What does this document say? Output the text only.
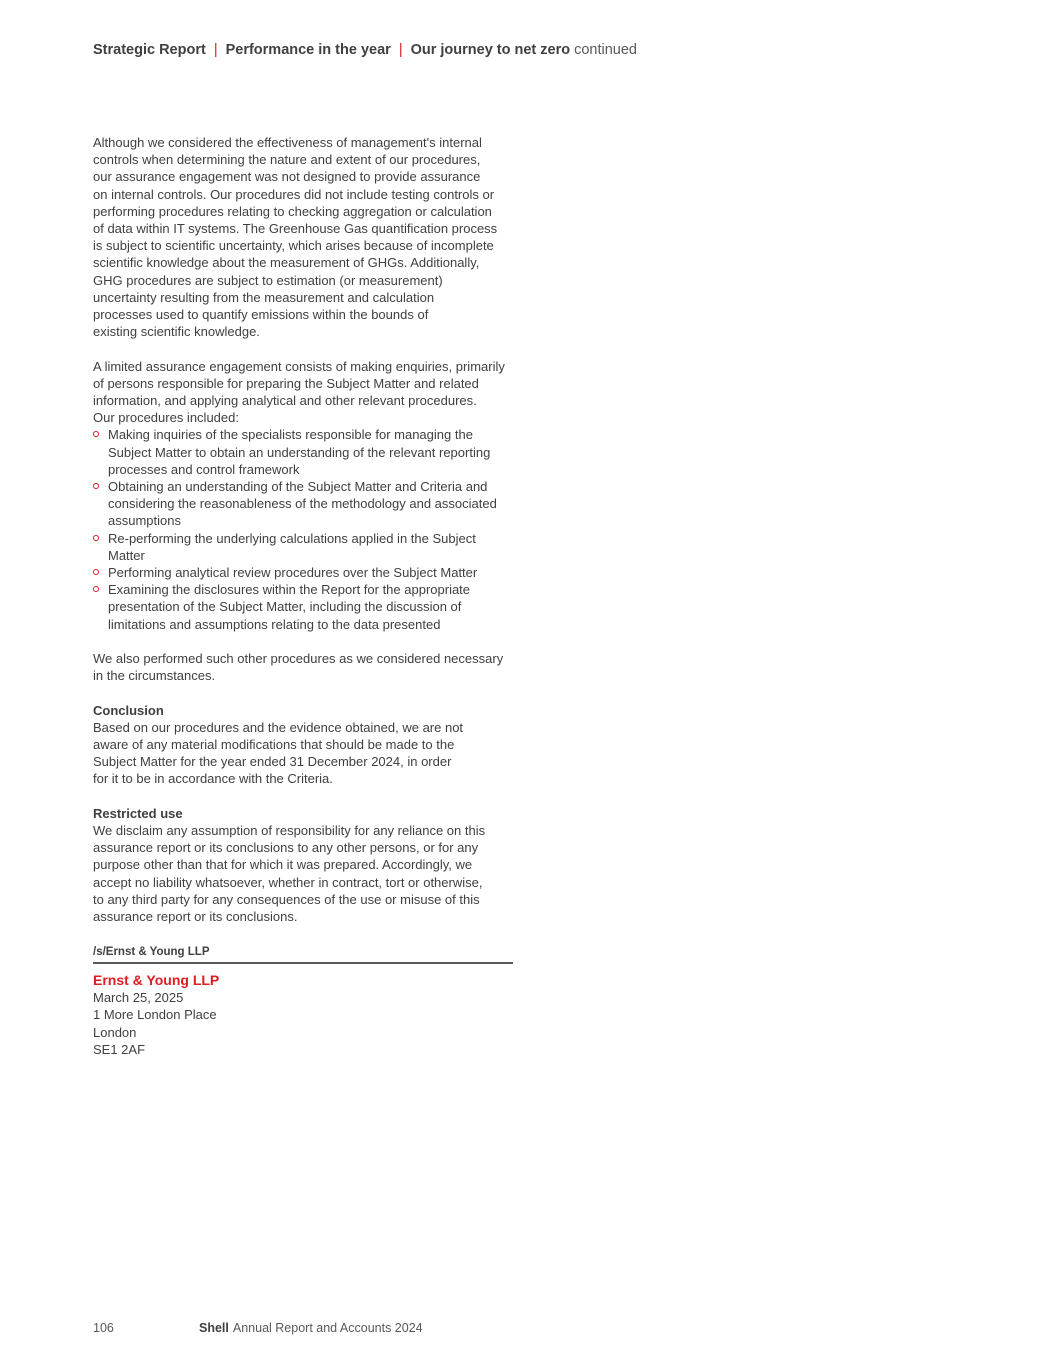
Strategic Report | Performance in the year | Our journey to net zero continued
Although we considered the effectiveness of management's internal
controls when determining the nature and extent of our procedures,
our assurance engagement was not designed to provide assurance
on internal controls. Our procedures did not include testing controls or
performing procedures relating to checking aggregation or calculation
of data within IT systems. The Greenhouse Gas quantification process
is subject to scientific uncertainty, which arises because of incomplete
scientific knowledge about the measurement of GHGs. Additionally,
GHG procedures are subject to estimation (or measurement)
uncertainty resulting from the measurement and calculation
processes used to quantify emissions within the bounds of
existing scientific knowledge.
A limited assurance engagement consists of making enquiries, primarily
of persons responsible for preparing the Subject Matter and related
information, and applying analytical and other relevant procedures.
Our procedures included:
Making inquiries of the specialists responsible for managing the
Subject Matter to obtain an understanding of the relevant reporting
processes and control framework
Obtaining an understanding of the Subject Matter and Criteria and
considering the reasonableness of the methodology and associated
assumptions
Re-performing the underlying calculations applied in the Subject
Matter
Performing analytical review procedures over the Subject Matter
Examining the disclosures within the Report for the appropriate
presentation of the Subject Matter, including the discussion of
limitations and assumptions relating to the data presented
We also performed such other procedures as we considered necessary
in the circumstances.
Conclusion
Based on our procedures and the evidence obtained, we are not
aware of any material modifications that should be made to the
Subject Matter for the year ended 31 December 2024, in order
for it to be in accordance with the Criteria.
Restricted use
We disclaim any assumption of responsibility for any reliance on this
assurance report or its conclusions to any other persons, or for any
purpose other than that for which it was prepared. Accordingly, we
accept no liability whatsoever, whether in contract, tort or otherwise,
to any third party for any consequences of the use or misuse of this
assurance report or its conclusions.
/s/Ernst & Young LLP
Ernst & Young LLP
March 25, 2025
1 More London Place
London
SE1 2AF
106	Shell Annual Report and Accounts 2024
